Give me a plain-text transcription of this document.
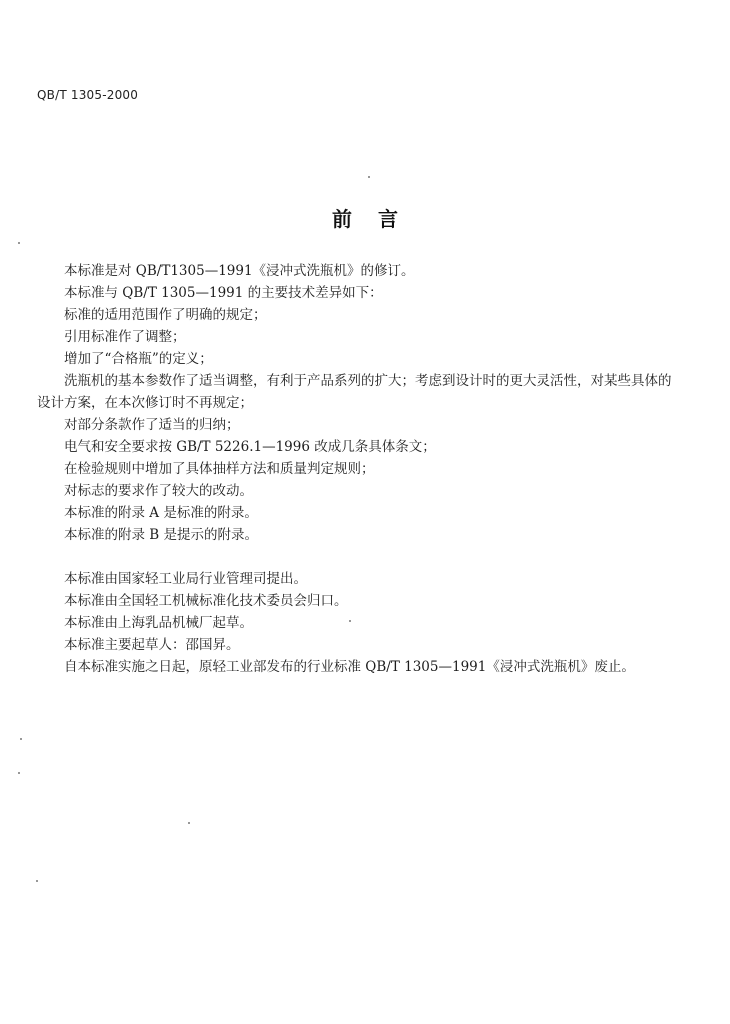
QB/T 1305-2000
前言

本标准是对 QB/T1305—1991《浸冲式洗瓶机》的修订。

本标准与 QB/T 1305—1991 的主要技术差异如下：

标准的适用范围作了明确的规定；

引用标准作了调整；

增加了“合格瓶”的定义；

洗瓶机的基本参数作了适当调整，有利于产品系列的扩大；考虑到设计时的更大灵活性，对某些具体的设计方案，在本次修订时不再规定；

对部分条款作了适当的归纳；

电气和安全要求按 GB/T 5226.1—1996 改成几条具体条文；

在检验规则中增加了具体抽样方法和质量判定规则；

对标志的要求作了较大的改动。

本标准的附录 A 是标准的附录。

本标准的附录 B 是提示的附录。

本标准由国家轻工业局行业管理司提出。

本标准由全国轻工机械标准化技术委员会归口。

本标准由上海乳品机械厂起草。

本标准主要起草人：邵国昇。

自本标准实施之日起，原轻工业部发布的行业标准 QB/T 1305—1991《浸冲式洗瓶机》废止。
